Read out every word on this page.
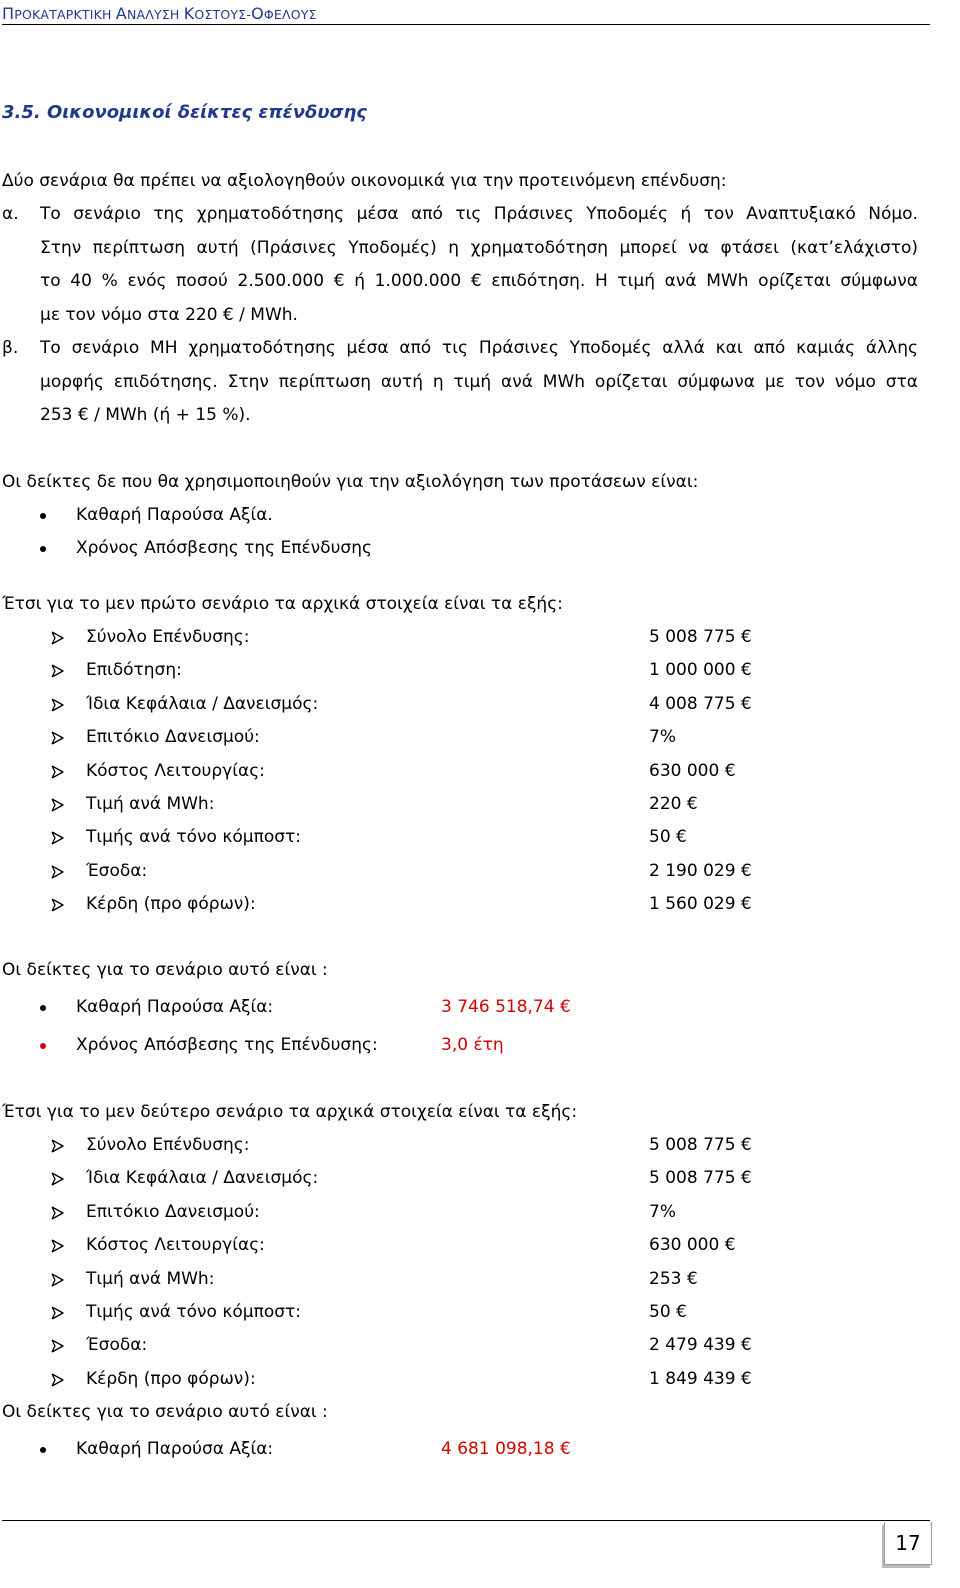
ΠΡΟΚΑΤΑΡΚΤΙΚΗ ΑΝΑΛΥΣΗ ΚΟΣΤΟΥΣ-ΟΦΕΛΟΥΣ
3.5. Οικονομικοί δείκτες επένδυσης
Δύο σενάρια θα πρέπει να αξιολογηθούν οικονομικά για την προτεινόμενη επένδυση:
α. Το σενάριο της χρηματοδότησης μέσα από τις Πράσινες Υποδομές ή τον Αναπτυξιακό Νόμο.
Στην περίπτωση αυτή (Πράσινες Υποδομές) η χρηματοδότηση μπορεί να φτάσει (κατ’ελάχιστο)
το 40 % ενός ποσού 2.500.000 € ή 1.000.000 € επιδότηση. Η τιμή ανά MWh ορίζεται σύμφωνα
με τον νόμο στα 220 € / MWh.
β. Το σενάριο ΜΗ χρηματοδότησης μέσα από τις Πράσινες Υποδομές αλλά και από καμιάς άλλης
μορφής επιδότησης. Στην περίπτωση αυτή η τιμή ανά MWh ορίζεται σύμφωνα με τον νόμο στα
253 € / MWh (ή + 15 %).
Οι δείκτες δε που θα χρησιμοποιηθούν για την αξιολόγηση των προτάσεων είναι:
Καθαρή Παρούσα Αξία.
Χρόνος Απόσβεσης της Επένδυσης
Έτσι για το μεν πρώτο σενάριο τα αρχικά στοιχεία είναι τα εξής:
Σύνολο Επένδυσης:	5 008 775 €
Επιδότηση:	1 000 000 €
Ίδια Κεφάλαια / Δανεισμός:	4 008 775 €
Επιτόκιο Δανεισμού:	7%
Κόστος Λειτουργίας:	630 000 €
Τιμή ανά MWh:	220 €
Τιμής ανά τόνο κόμποστ:	50 €
Έσοδα:	2 190 029 €
Κέρδη (προ φόρων):	1 560 029 €
Οι δείκτες για το σενάριο αυτό είναι :
Καθαρή Παρούσα Αξία:	3 746 518,74 €
Χρόνος Απόσβεσης της Επένδυσης:	3,0 έτη
Έτσι για το μεν δεύτερο σενάριο τα αρχικά στοιχεία είναι τα εξής:
Σύνολο Επένδυσης:	5 008 775 €
Ίδια Κεφάλαια / Δανεισμός:	5 008 775 €
Επιτόκιο Δανεισμού:	7%
Κόστος Λειτουργίας:	630 000 €
Τιμή ανά MWh:	253 €
Τιμής ανά τόνο κόμποστ:	50 €
Έσοδα:	2 479 439 €
Κέρδη (προ φόρων):	1 849 439 €
Οι δείκτες για το σενάριο αυτό είναι :
Καθαρή Παρούσα Αξία:	4 681 098,18 €
17
